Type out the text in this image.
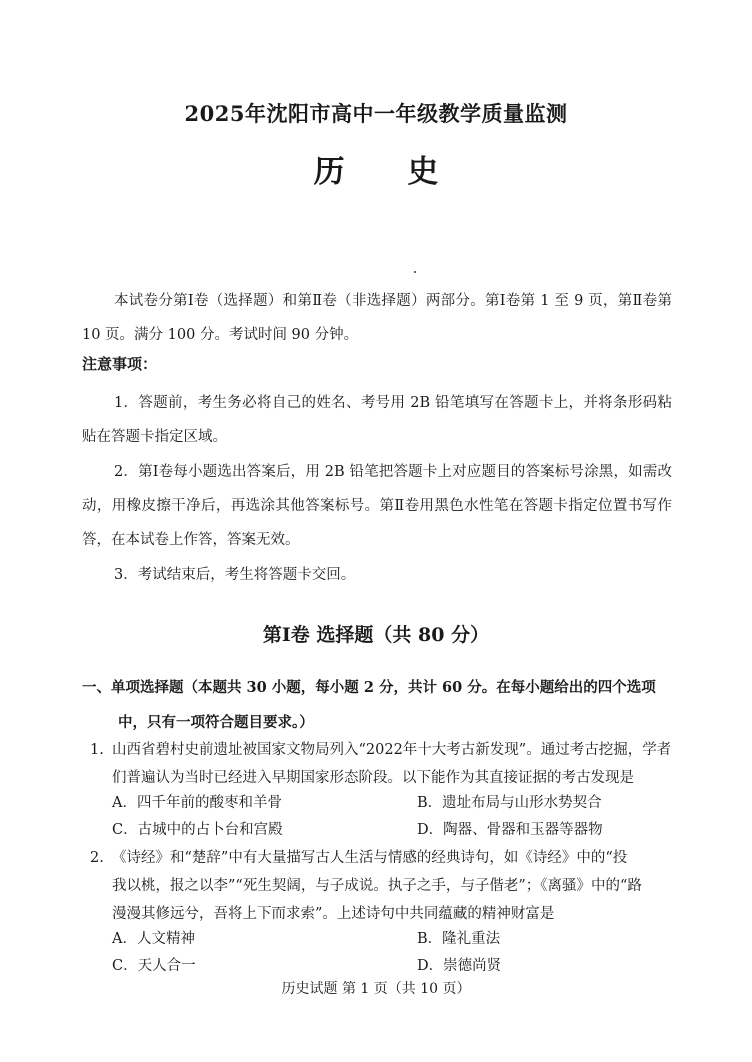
2025年沈阳市高中一年级教学质量监测
历 史
本试卷分第Ⅰ卷（选择题）和第Ⅱ卷（非选择题）两部分。第Ⅰ卷第 1 至 9 页，第Ⅱ卷第 10 页。满分 100 分。考试时间 90 分钟。
注意事项：
1．答题前，考生务必将自己的姓名、考号用 2B 铅笔填写在答题卡上，并将条形码粘贴在答题卡指定区域。
2．第Ⅰ卷每小题选出答案后，用 2B 铅笔把答题卡上对应题目的答案标号涂黑，如需改动，用橡皮擦干净后，再选涂其他答案标号。第Ⅱ卷用黑色水性笔在答题卡指定位置书写作答，在本试卷上作答，答案无效。
3．考试结束后，考生将答题卡交回。
第Ⅰ卷 选择题（共 80 分）
一、单项选择题（本题共 30 小题，每小题 2 分，共计 60 分。在每小题给出的四个选项
中，只有一项符合题目要求。）
1. 山西省碧村史前遗址被国家文物局列入“2022年十大考古新发现”。通过考古挖掘，学者
们普遍认为当时已经进入早期国家形态阶段。以下能作为其直接证据的考古发现是
A．四千年前的酸枣和羊骨	B．遗址布局与山形水势契合
C．古城中的占卜台和宫殿	D．陶器、骨器和玉器等器物
2. 《诗经》和“楚辞”中有大量描写古人生活与情感的经典诗句，如《诗经》中的“投
我以桃，报之以李”“死生契阔，与子成说。执子之手，与子偕老”；《离骚》中的“路
漫漫其修远兮，吾将上下而求索”。上述诗句中共同蕴藏的精神财富是
A．人文精神	B．隆礼重法
C．天人合一	D．崇德尚贤
历史试题 第 1 页（共 10 页）
